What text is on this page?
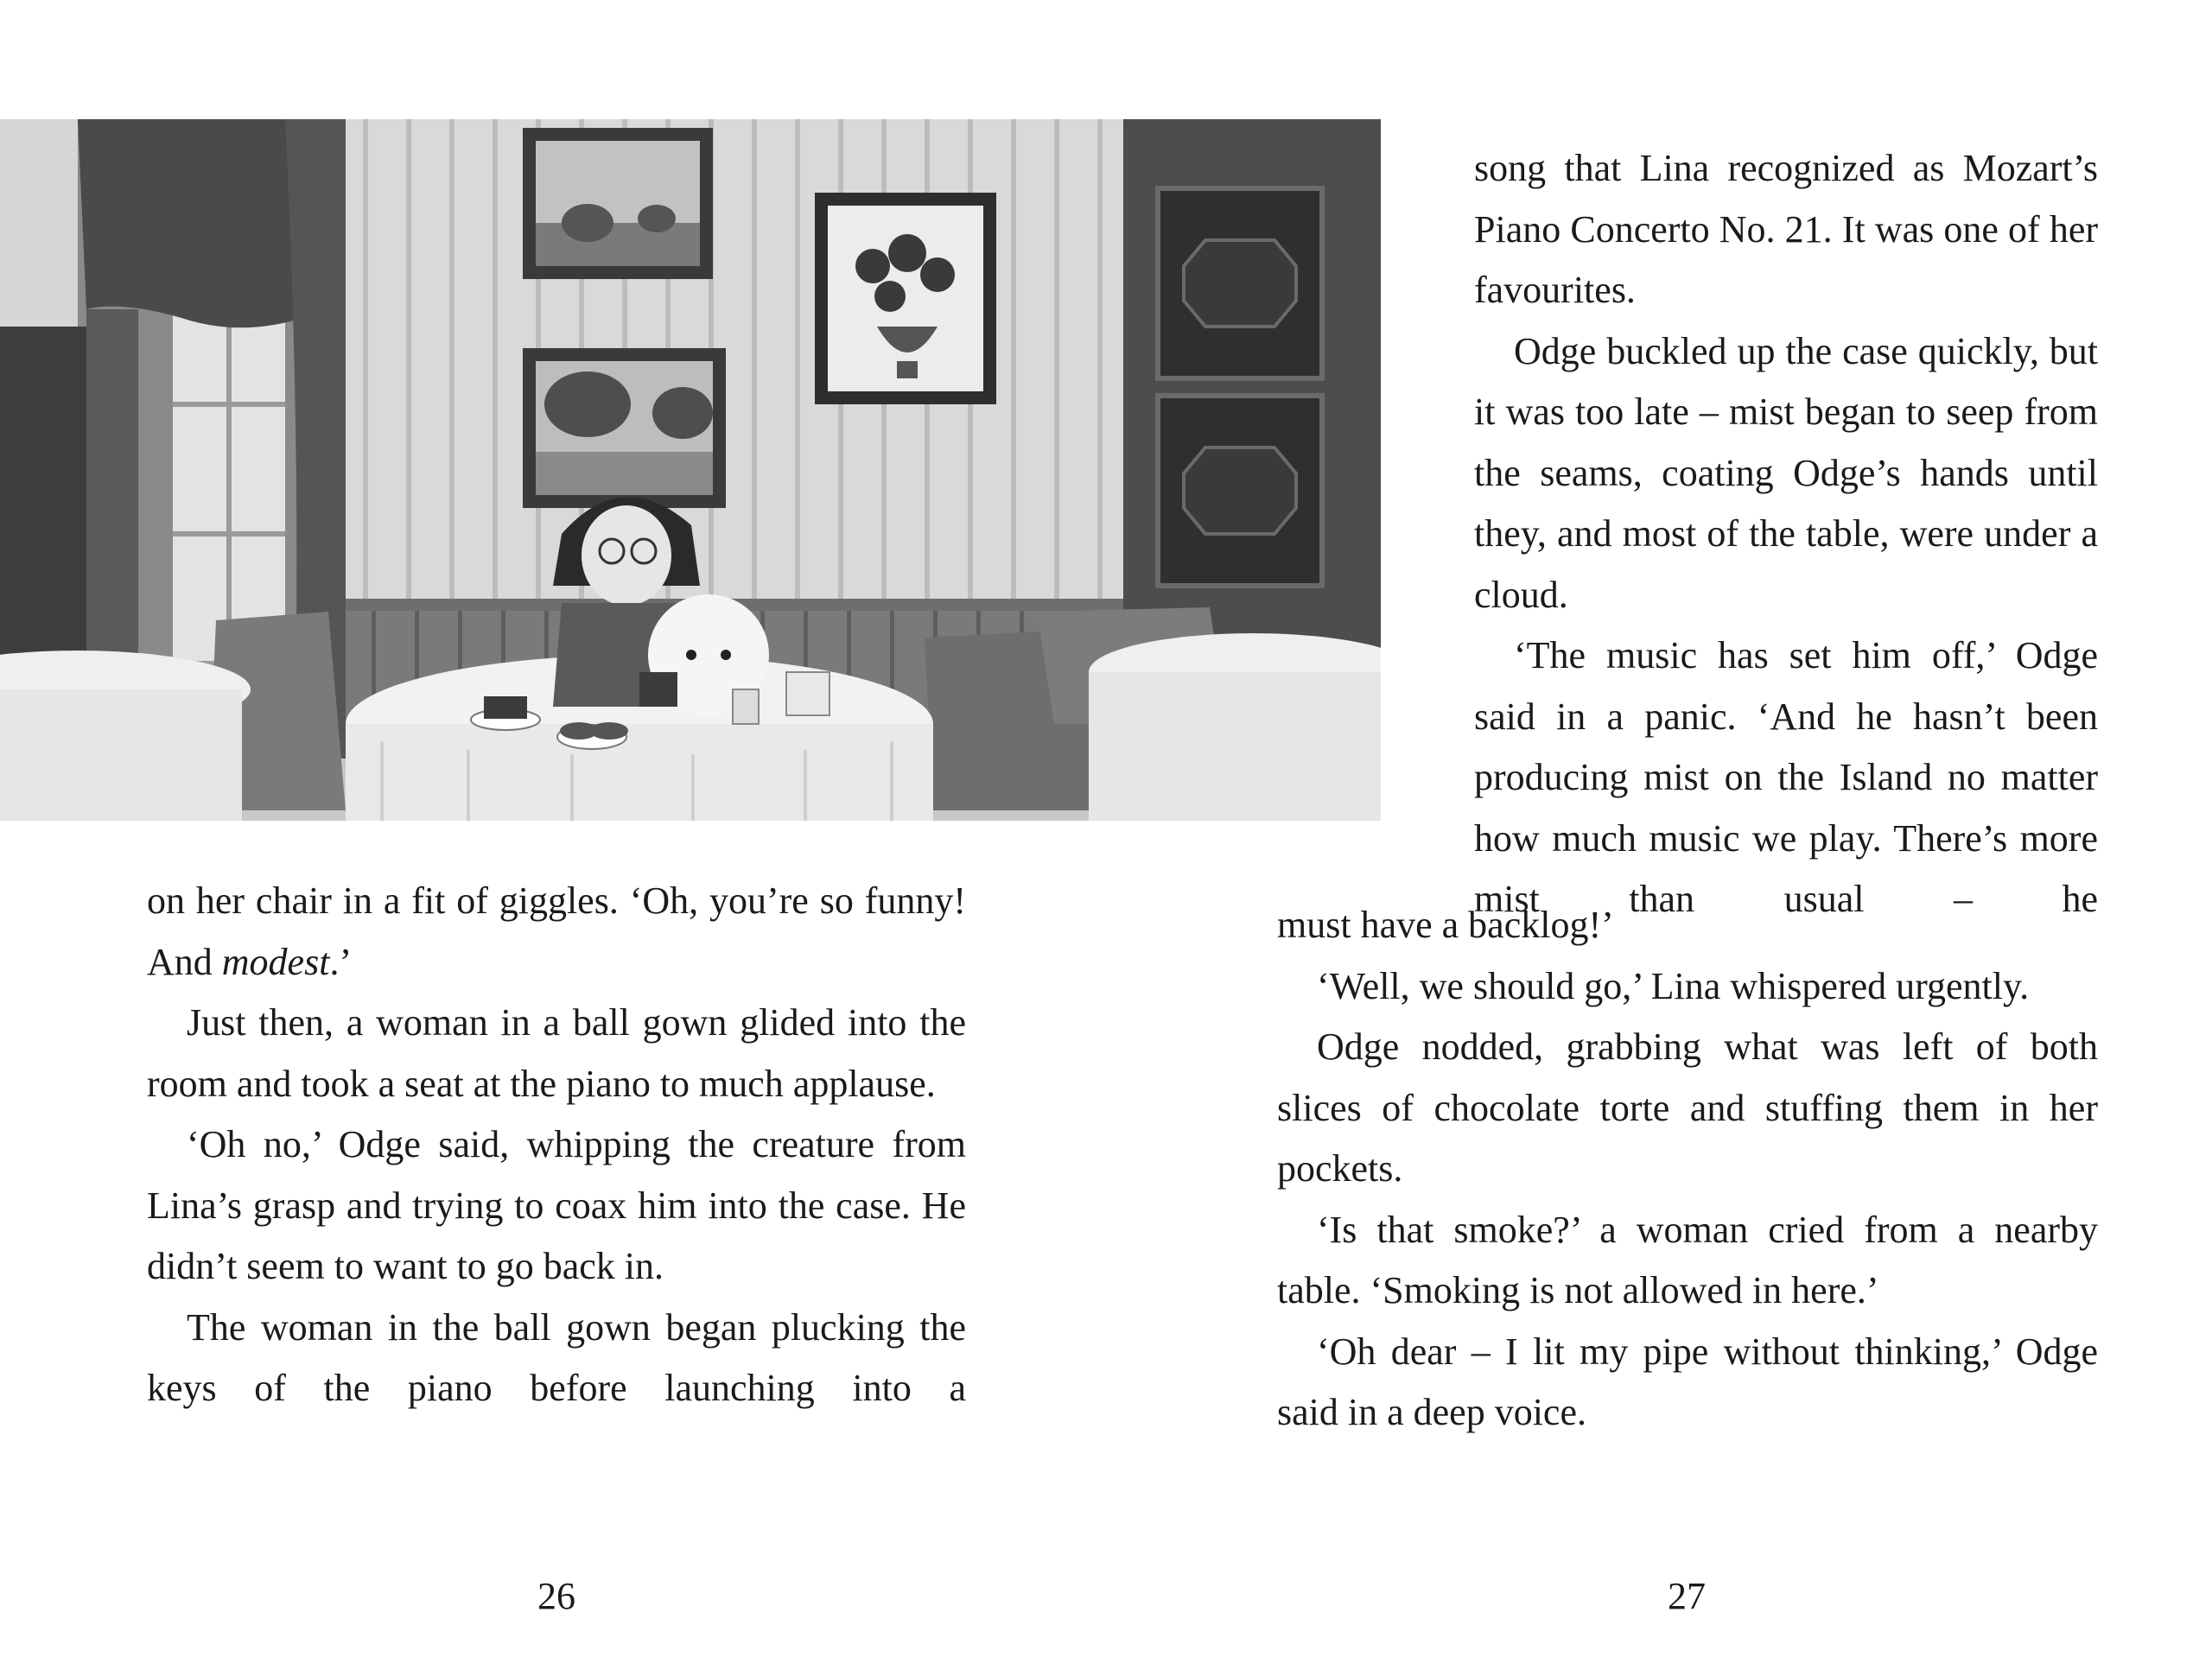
on her chair in a fit of giggles. ‘Oh, you’re so funny! And modest.’

Just then, a woman in a ball gown glided into the room and took a seat at the piano to much applause.

‘Oh no,’ Odge said, whipping the creature from Lina’s grasp and trying to coax him into the case. He didn’t seem to want to go back in.

The woman in the ball gown began plucking the keys of the piano before launching into a

song that Lina recognized as Mozart’s Piano Concerto No. 21. It was one of her favourites.

Odge buckled up the case quickly, but it was too late – mist began to seep from the seams, coating Odge’s hands until they, and most of the table, were under a cloud.

‘The music has set him off,’ Odge said in a panic. ‘And he hasn’t been producing mist on the Island no matter how much music we play. There’s more mist than usual – he

must have a backlog!’

‘Well, we should go,’ Lina whispered urgently.

Odge nodded, grabbing what was left of both slices of chocolate torte and stuffing them in her pockets.

‘Is that smoke?’ a woman cried from a nearby table. ‘Smoking is not allowed in here.’

‘Oh dear – I lit my pipe without thinking,’ Odge said in a deep voice.

26	27
